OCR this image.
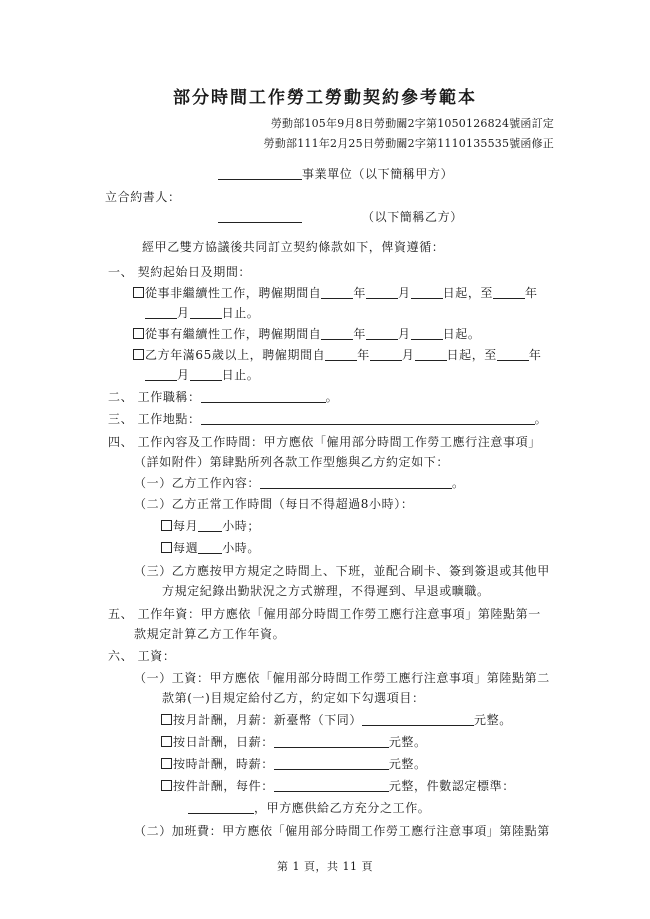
部分時間工作勞工勞動契約參考範本
勞動部105年9月8日勞動關2字第1050126824號函訂定
勞動部111年2月25日勞動關2字第1110135535號函修正
事業單位（以下簡稱甲方）
立合約書人：
（以下簡稱乙方）
經甲乙雙方協議後共同訂立契約條款如下，俾資遵循：
一、 契約起始日及期間：
從事非繼續性工作，聘僱期間自	年	月	日起，至	年
月	日止。
從事有繼續性工作，聘僱期間自	年	月	日起。
乙方年滿65歲以上，聘僱期間自	年	月	日起，至	年
月	日止。
二、 工作職稱：	。
三、 工作地點：	。
四、 工作內容及工作時間：甲方應依「僱用部分時間工作勞工應行注意事項」
（詳如附件）第肆點所列各款工作型態與乙方約定如下：
（一）乙方工作內容：	。
（二）乙方正常工作時間（每日不得超過8小時）：
每月 小時；
每週 小時。
（三）乙方應按甲方規定之時間上、下班，並配合刷卡、簽到簽退或其他甲
方規定紀錄出勤狀況之方式辦理，不得遲到、早退或曠職。
五、 工作年資：甲方應依「僱用部分時間工作勞工應行注意事項」第陸點第一
款規定計算乙方工作年資。
六、 工資：
（一）工資：甲方應依「僱用部分時間工作勞工應行注意事項」第陸點第二
款第(一)目規定給付乙方，約定如下勾選項目：
按月計酬，月薪：新臺幣（下同）	元整。
按日計酬，日薪：	元整。
按時計酬，時薪：	元整。
按件計酬，每件：	元整，件數認定標準：
，甲方應供給乙方充分之工作。
（二）加班費：甲方應依「僱用部分時間工作勞工應行注意事項」第陸點第
第 1 頁，共 11 頁
